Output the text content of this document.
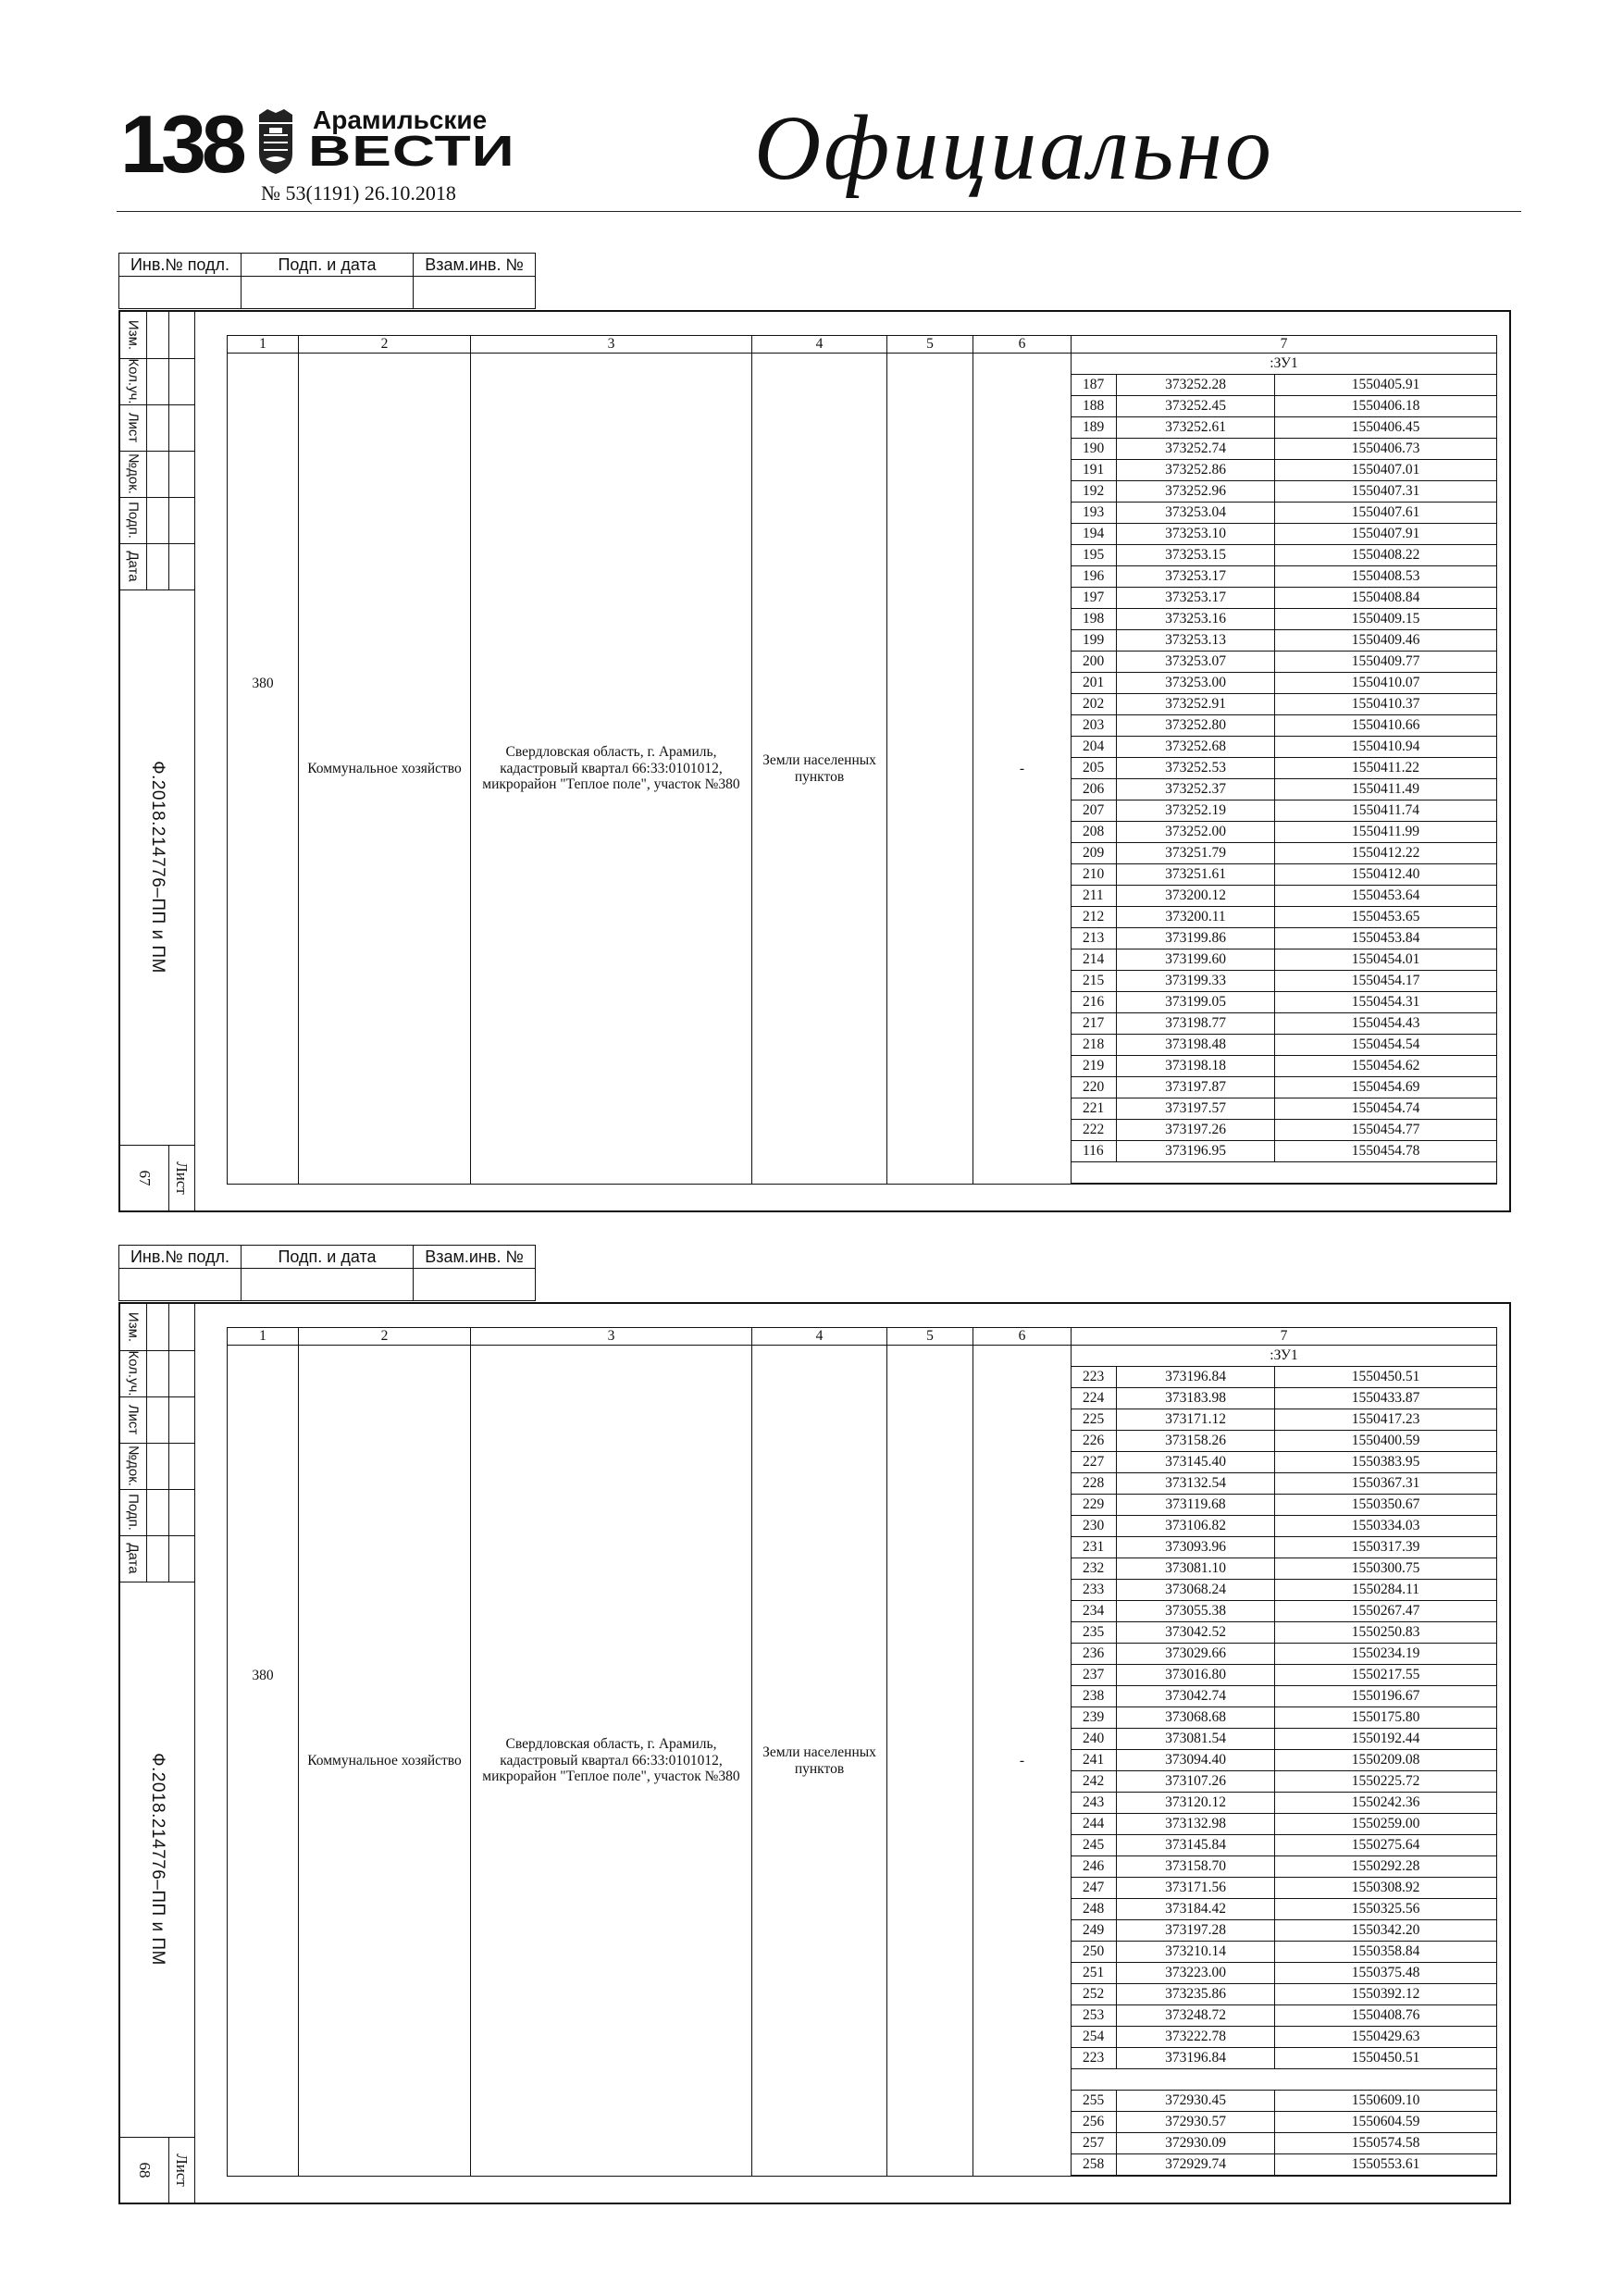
138	Арамильские
ВЕСТИ
№ 53(1191) 26.10.2018	Официально
Инв.№ подл.	Подп. и дата	Взам.инв. №

Изм.
Кол.уч.
Лист
№док.
Подп.
Дата
Ф.2018.214776–ПП и ПМ
67 Лист
1	2	3	4	5	6	7
380	Коммунальное хозяйство	Свердловская область, г. Арамиль, кадастровый квартал 66:33:0101012, микрорайон "Теплое поле", участок №380	Земли населенных пунктов		-	
:ЗУ1
187	373252.28	1550405.91
188	373252.45	1550406.18
189	373252.61	1550406.45
190	373252.74	1550406.73
191	373252.86	1550407.01
192	373252.96	1550407.31
193	373253.04	1550407.61
194	373253.10	1550407.91
195	373253.15	1550408.22
196	373253.17	1550408.53
197	373253.17	1550408.84
198	373253.16	1550409.15
199	373253.13	1550409.46
200	373253.07	1550409.77
201	373253.00	1550410.07
202	373252.91	1550410.37
203	373252.80	1550410.66
204	373252.68	1550410.94
205	373252.53	1550411.22
206	373252.37	1550411.49
207	373252.19	1550411.74
208	373252.00	1550411.99
209	373251.79	1550412.22
210	373251.61	1550412.40
211	373200.12	1550453.64
212	373200.11	1550453.65
213	373199.86	1550453.84
214	373199.60	1550454.01
215	373199.33	1550454.17
216	373199.05	1550454.31
217	373198.77	1550454.43
218	373198.48	1550454.54
219	373198.18	1550454.62
220	373197.87	1550454.69
221	373197.57	1550454.74
222	373197.26	1550454.77
116	373196.95	1550454.78

Инв.№ подл.	Подп. и дата	Взам.инв. №

Изм.
Кол.уч.
Лист
№док.
Подп.
Дата
Ф.2018.214776–ПП и ПМ
68 Лист
1	2	3	4	5	6	7
380	Коммунальное хозяйство	Свердловская область, г. Арамиль, кадастровый квартал 66:33:0101012, микрорайон "Теплое поле", участок №380	Земли населенных пунктов		-	
:ЗУ1
223	373196.84	1550450.51
224	373183.98	1550433.87
225	373171.12	1550417.23
226	373158.26	1550400.59
227	373145.40	1550383.95
228	373132.54	1550367.31
229	373119.68	1550350.67
230	373106.82	1550334.03
231	373093.96	1550317.39
232	373081.10	1550300.75
233	373068.24	1550284.11
234	373055.38	1550267.47
235	373042.52	1550250.83
236	373029.66	1550234.19
237	373016.80	1550217.55
238	373042.74	1550196.67
239	373068.68	1550175.80
240	373081.54	1550192.44
241	373094.40	1550209.08
242	373107.26	1550225.72
243	373120.12	1550242.36
244	373132.98	1550259.00
245	373145.84	1550275.64
246	373158.70	1550292.28
247	373171.56	1550308.92
248	373184.42	1550325.56
249	373197.28	1550342.20
250	373210.14	1550358.84
251	373223.00	1550375.48
252	373235.86	1550392.12
253	373248.72	1550408.76
254	373222.78	1550429.63
223	373196.84	1550450.51

255	372930.45	1550609.10
256	372930.57	1550604.59
257	372930.09	1550574.58
258	372929.74	1550553.61
